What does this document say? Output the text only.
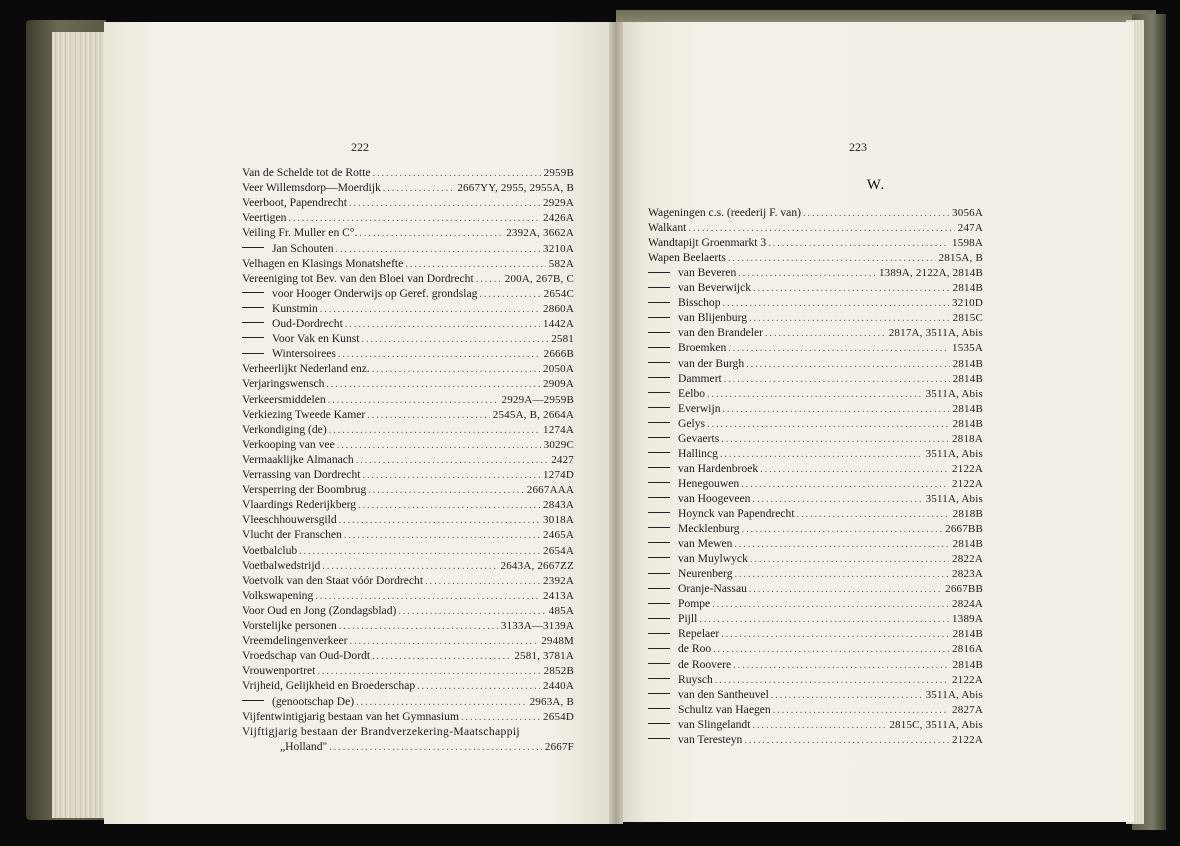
222
Van de Schelde tot de Rotte .....	2959B
Veer Willemsdorp—Moerdijk .....	2667YY, 2955, 2955A, B
Veerboot, Papendrecht .....	2929A
Veertigen .....	2426A
Veiling Fr. Muller en C°. .....	2392A, 3662A
Jan Schouten .....	3210A
Velhagen en Klasings Monatshefte .....	582A
Vereeniging tot Bev. van den Bloei van Dordrecht .....	200A, 267B, C
voor Hooger Onderwijs op Geref. grondslag .....	2654C
Kunstmin .....	2860A
Oud-Dordrecht .....	1442A
Voor Vak en Kunst .....	2581
Wintersoirees .....	2666B
Verheerlijkt Nederland enz. .....	2050A
Verjaringswensch .....	2909A
Verkeersmiddelen .....	2929A—2959B
Verkiezing Tweede Kamer .....	2545A, B, 2664A
Verkondiging (de) .....	1274A
Verkooping van vee .....	3029C
Vermaaklijke Almanach .....	2427
Verrassing van Dordrecht .....	1274D
Versperring der Boombrug .....	2667AAA
Vlaardings Rederijkberg .....	2843A
Vleeschhouwersgild .....	3018A
Vlucht der Franschen .....	2465A
Voetbalclub .....	2654A
Voetbalwedstrijd .....	2643A, 2667ZZ
Voetvolk van den Staat vóór Dordrecht .....	2392A
Volkswapening .....	2413A
Voor Oud en Jong (Zondagsblad) .....	485A
Vorstelijke personen .....	3133A—3139A
Vreemdelingenverkeer .....	2948M
Vroedschap van Oud-Dordt .....	2581, 3781A
Vrouwenportret .....	2852B
Vrijheid, Gelijkheid en Broederschap .....	2440A
(genootschap De) .....	2963A, B
Vijfentwintigjarig bestaan van het Gymnasium .....	2654D
Vijftigjarig bestaan der Brandverzekering-Maatschappij
„Holland" .....	2667F
223
W.
Wageningen c.s. (reederij F. van) .....	3056A
Walkant .....	247A
Wandtapijt Groenmarkt 3 .....	1598A
Wapen Beelaerts .....	2815A, B
van Beveren .....	1389A, 2122A, 2814B
van Beverwijck .....	2814B
Bisschop .....	3210D
van Blijenburg .....	2815C
van den Brandeler .....	2817A, 3511A, Abis
Broemken .....	1535A
van der Burgh .....	2814B
Dammert .....	2814B
Eelbo .....	3511A, Abis
Everwijn .....	2814B
Gelys .....	2814B
Gevaerts .....	2818A
Hallincg .....	3511A, Abis
van Hardenbroek .....	2122A
Henegouwen .....	2122A
van Hoogeveen .....	3511A, Abis
Hoynck van Papendrecht .....	2818B
Mecklenburg .....	2667BB
van Mewen .....	2814B
van Muylwyck .....	2822A
Neurenberg .....	2823A
Oranje-Nassau .....	2667BB
Pompe .....	2824A
Pijll .....	1389A
Repelaer .....	2814B
de Roo .....	2816A
de Roovere .....	2814B
Ruysch .....	2122A
van den Santheuvel .....	3511A, Abis
Schultz van Haegen .....	2827A
van Slingelandt .....	2815C, 3511A, Abis
van Teresteyn .....	2122A
